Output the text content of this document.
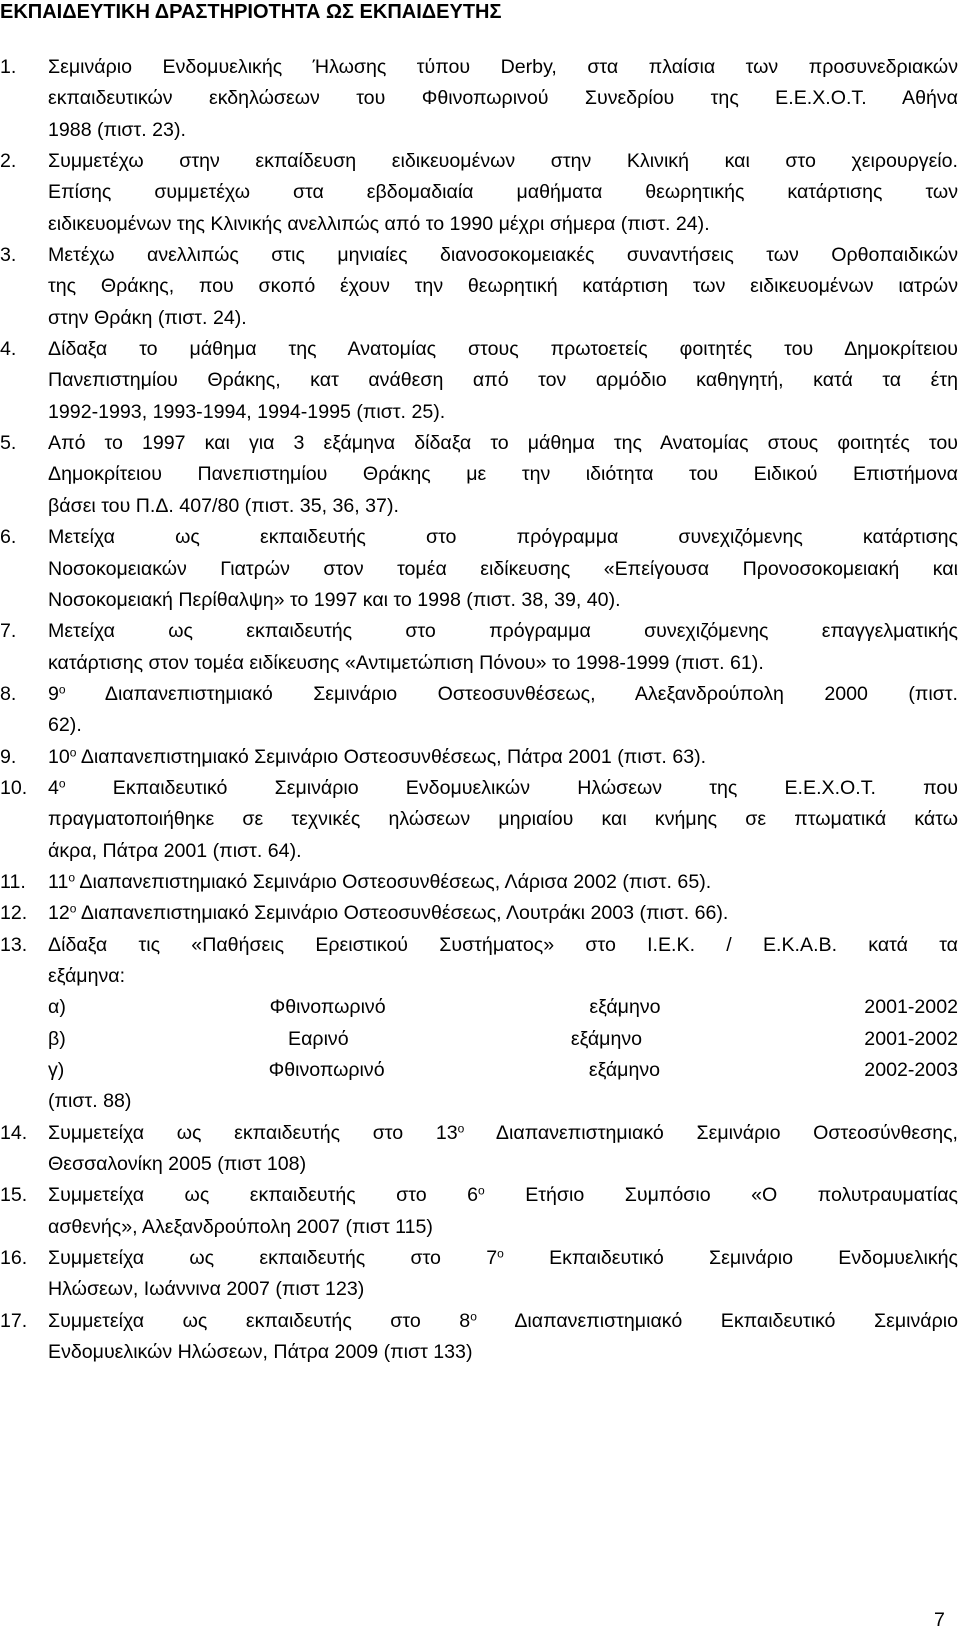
ΕΚΠΑΙΔΕΥΤΙΚΗ ΔΡΑΣΤΗΡΙΟΤΗΤΑ ΩΣ ΕΚΠΑΙΔΕΥΤΗΣ
1. Σεμινάριο Ενδομυελικής Ήλωσης τύπου Derby, στα πλαίσια των προσυνεδριακών
εκπαιδευτικών εκδηλώσεων του Φθινοπωρινού Συνεδρίου της Ε.Ε.Χ.Ο.Τ. Αθήνα
1988 (πιστ. 23).
2. Συμμετέχω στην εκπαίδευση ειδικευομένων στην Κλινική και στο χειρουργείο.
Επίσης συμμετέχω στα εβδομαδιαία μαθήματα θεωρητικής κατάρτισης των
ειδικευομένων της Κλινικής ανελλιπώς από το 1990 μέχρι σήμερα (πιστ. 24).
3. Μετέχω ανελλιπώς στις μηνιαίες διανοσοκομειακές συναντήσεις των Ορθοπαιδικών
της Θράκης, που σκοπό έχουν την θεωρητική κατάρτιση των ειδικευομένων ιατρών
στην Θράκη (πιστ. 24).
4. Δίδαξα το μάθημα της Ανατομίας στους πρωτοετείς φοιτητές του Δημοκρίτειου
Πανεπιστημίου Θράκης, κατ ανάθεση από τον αρμόδιο καθηγητή, κατά τα έτη
1992-1993, 1993-1994, 1994-1995 (πιστ. 25).
5. Από το 1997 και για 3 εξάμηνα δίδαξα το μάθημα της Ανατομίας στους φοιτητές του
Δημοκρίτειου Πανεπιστημίου Θράκης με την ιδιότητα του Ειδικού Επιστήμονα
βάσει του Π.Δ. 407/80 (πιστ. 35, 36, 37).
6. Μετείχα ως εκπαιδευτής στο πρόγραμμα συνεχιζόμενης κατάρτισης
Νοσοκομειακών Γιατρών στον τομέα ειδίκευσης «Επείγουσα Προνοσοκομειακή και
Νοσοκομειακή Περίθαλψη» το 1997 και το 1998 (πιστ. 38, 39, 40).
7. Μετείχα ως εκπαιδευτής στο πρόγραμμα συνεχιζόμενης επαγγελματικής
κατάρτισης στον τομέα ειδίκευσης «Αντιμετώπιση Πόνου» το 1998-1999 (πιστ. 61).
8. $9^o$ Διαπανεπιστημιακό Σεμινάριο Οστεοσυνθέσεως, Αλεξανδρούπολη 2000 (πιστ.
62).
9. $10^o$ Διαπανεπιστημιακό Σεμινάριο Οστεοσυνθέσεως, Πάτρα 2001 (πιστ. 63).
10. $4^o$ Εκπαιδευτικό Σεμινάριο Ενδομυελικών Ηλώσεων της Ε.Ε.Χ.Ο.Τ. που
πραγματοποιήθηκε σε τεχνικές ηλώσεων μηριαίου και κνήμης σε πτωματικά κάτω
άκρα, Πάτρα 2001 (πιστ. 64).
11. $11^o$ Διαπανεπιστημιακό Σεμινάριο Οστεοσυνθέσεως, Λάρισα 2002 (πιστ. 65).
12. $12^o$ Διαπανεπιστημιακό Σεμινάριο Οστεοσυνθέσεως, Λουτράκι 2003 (πιστ. 66).
13. Δίδαξα τις «Παθήσεις Ερειστικού Συστήματος» στο Ι.Ε.Κ. / Ε.Κ.Α.Β. κατά τα
εξάμηνα:
α) Φθινοπωρινό εξάμηνο 2001-2002
β) Εαρινό εξάμηνο 2001-2002
γ) Φθινοπωρινό εξάμηνο 2002-2003
(πιστ. 88)
14. Συμμετείχα ως εκπαιδευτής στο $13^o$ Διαπανεπιστημιακό Σεμινάριο Οστεοσύνθεσης,
Θεσσαλονίκη 2005 (πιστ 108)
15. Συμμετείχα ως εκπαιδευτής στο $6^o$ Ετήσιο Συμπόσιο «Ο πολυτραυματίας
ασθενής», Αλεξανδρούπολη 2007 (πιστ 115)
16. Συμμετείχα ως εκπαιδευτής στο $7^o$ Εκπαιδευτικό Σεμινάριο Ενδομυελικής
Ηλώσεων, Ιωάννινα 2007 (πιστ 123)
17. Συμμετείχα ως εκπαιδευτής στο $8^o$ Διαπανεπιστημιακό Εκπαιδευτικό Σεμινάριο
Ενδομυελικών Ηλώσεων, Πάτρα 2009 (πιστ 133)
7
